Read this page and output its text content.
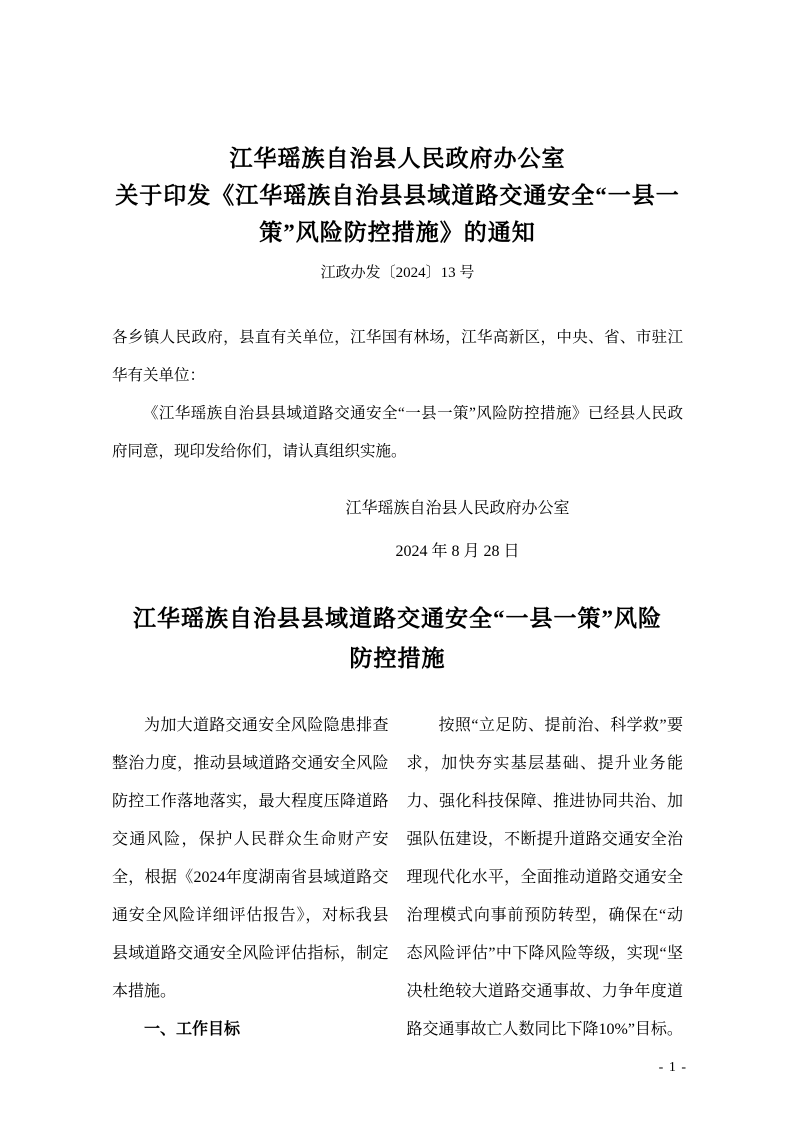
江华瑶族自治县人民政府办公室
关于印发《江华瑶族自治县县域道路交通安全“一县一
策”风险防控措施》的通知
江政办发〔2024〕13 号

各乡镇人民政府，县直有关单位，江华国有林场，江华高新区，中央、省、市驻江华有关单位：

《江华瑶族自治县县域道路交通安全“一县一策”风险防控措施》已经县人民政府同意，现印发给你们，请认真组织实施。

江华瑶族自治县人民政府办公室
2024 年 8 月 28 日
江华瑶族自治县县域道路交通安全“一县一策”风险
防控措施

为加大道路交通安全风险隐患排查整治力度，推动县域道路交通安全风险防控工作落地落实，最大程度压降道路交通风险，保护人民群众生命财产安全，根据《2024年度湖南省县域道路交通安全风险详细评估报告》，对标我县县域道路交通安全风险评估指标，制定本措施。

一、工作目标

按照“立足防、提前治、科学救”要求，加快夯实基层基础、提升业务能力、强化科技保障、推进协同共治、加强队伍建设，不断提升道路交通安全治理现代化水平，全面推动道路交通安全治理模式向事前预防转型，确保在“动态风险评估”中下降风险等级，实现“坚决杜绝较大道路交通事故、力争年度道路交通事故亡人数同比下降10%”目标。

- 1 -
